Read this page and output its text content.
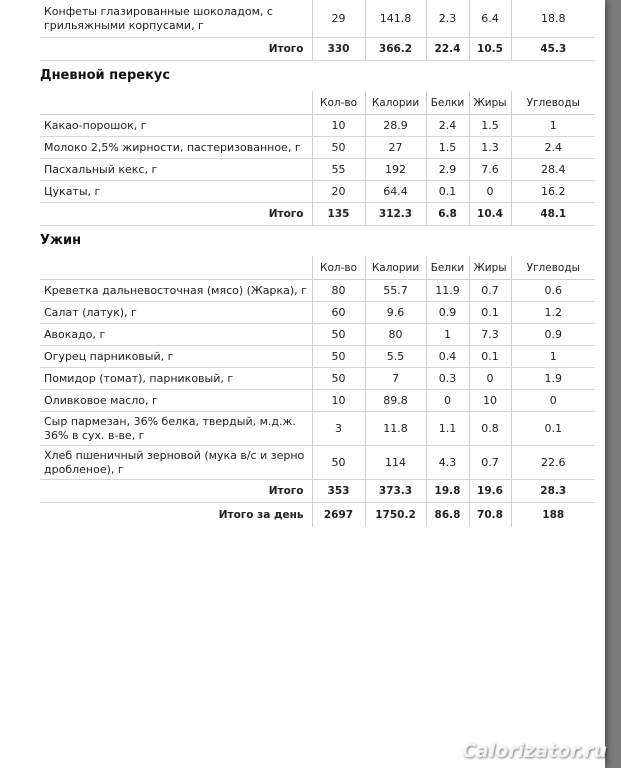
Конфеты глазированные шоколадом, с грильяжными корпусами, г	29	141.8	2.3	6.4	18.8
Итого	330	366.2	22.4	10.5	45.3
Дневной перекус
	Кол-во	Калории	Белки	Жиры	Углеводы
Какао-порошок, г	10	28.9	2.4	1.5	1
Молоко 2,5% жирности, пастеризованное, г	50	27	1.5	1.3	2.4
Пасхальный кекс, г	55	192	2.9	7.6	28.4
Цукаты, г	20	64.4	0.1	0	16.2
Итого	135	312.3	6.8	10.4	48.1
Ужин
	Кол-во	Калории	Белки	Жиры	Углеводы
Креветка дальневосточная (мясо) (Жарка), г	80	55.7	11.9	0.7	0.6
Салат (латук), г	60	9.6	0.9	0.1	1.2
Авокадо, г	50	80	1	7.3	0.9
Огурец парниковый, г	50	5.5	0.4	0.1	1
Помидор (томат), парниковый, г	50	7	0.3	0	1.9
Оливковое масло, г	10	89.8	0	10	0
Сыр пармезан, 36% белка, твердый, м.д.ж. 36% в сух. в-ве, г	3	11.8	1.1	0.8	0.1
Хлеб пшеничный зерновой (мука в/с и зерно дробленое), г	50	114	4.3	0.7	22.6
Итого	353	373.3	19.8	19.6	28.3
Итого за день	2697	1750.2	86.8	70.8	188
Calorizator.ru
